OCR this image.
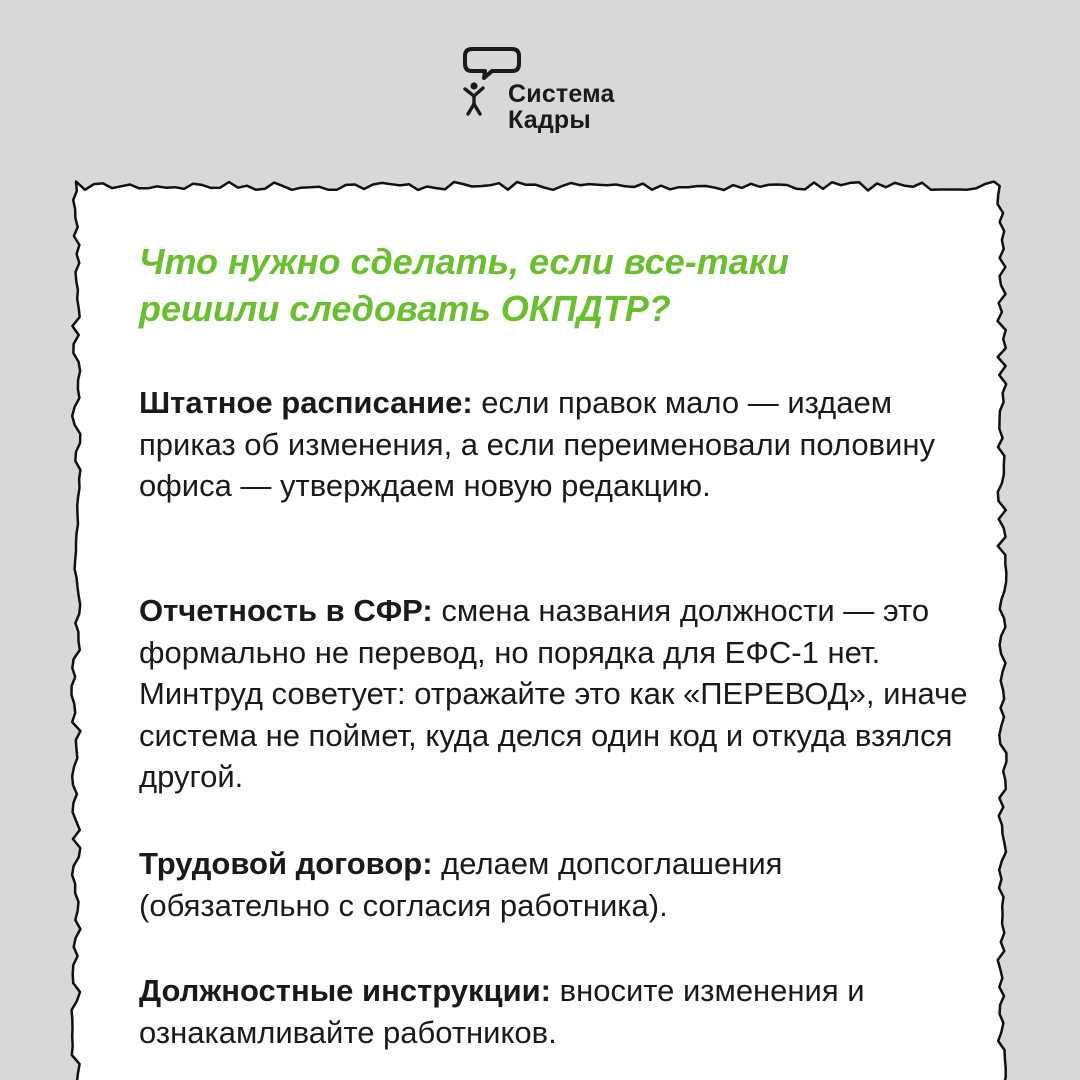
Система
Кадры
Что нужно сделать, если все-таки решили следовать ОКПДТР?

Штатное расписание: если правок мало — издаем приказ об изменения, а если переименовали половину офиса — утверждаем новую редакцию.

Отчетность в СФР: смена названия должности — это формально не перевод, но порядка для ЕФС-1 нет. Минтруд советует: отражайте это как «ПЕРЕВОД», иначе система не поймет, куда делся один код и откуда взялся другой.

Трудовой договор: делаем допсоглашения (обязательно с согласия работника).

Должностные инструкции: вносите изменения и ознакамливайте работников.
